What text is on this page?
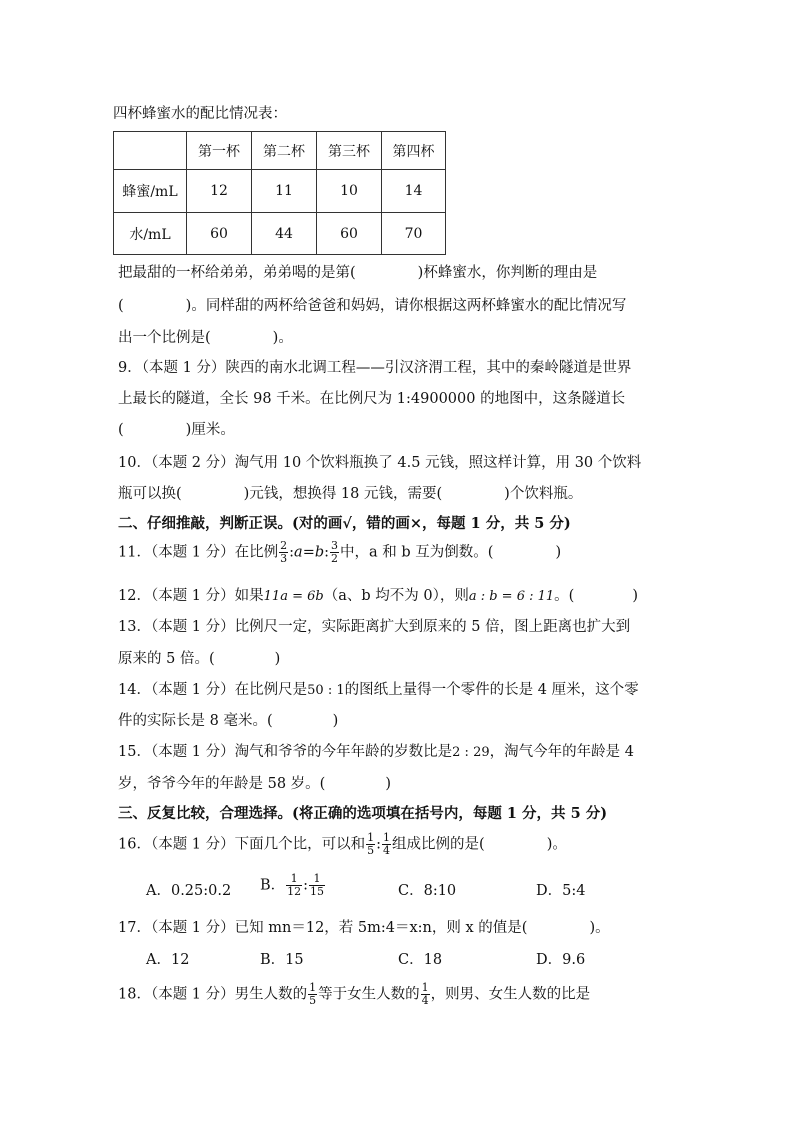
四杯蜂蜜水的配比情况表：
	第一杯	第二杯	第三杯	第四杯
蜂蜜/mL	12	11	10	14
水/mL	60	44	60	70
把最甜的一杯给弟弟，弟弟喝的是第(	)杯蜂蜜水，你判断的理由是
(	)。同样甜的两杯给爸爸和妈妈，请你根据这两杯蜂蜜水的配比情况写
出一个比例是(	)。
9．（本题 1 分）陕西的南水北调工程——引汉济渭工程，其中的秦岭隧道是世界
上最长的隧道，全长 98 千米。在比例尺为 1:4900000 的地图中，这条隧道长
(	)厘米。
10．（本题 2 分）淘气用 10 个饮料瓶换了 4.5 元钱，照这样计算，用 30 个饮料
瓶可以换(	)元钱，想换得 18 元钱，需要(	)个饮料瓶。
二、仔细推敲，判断正误。(对的画√，错的画×，每题 1 分，共 5 分)
11．（本题 1 分）在比例 $\frac{2}{3}$ :a=b: $\frac{3}{2}$ 中，a 和 b 互为倒数。(	)
12．（本题 1 分）如果11a = 6b（a、b 均不为 0），则a : b = 6 : 11。(	)
13．（本题 1 分）比例尺一定，实际距离扩大到原来的 5 倍，图上距离也扩大到
原来的 5 倍。(	)
14．（本题 1 分）在比例尺是50 : 1的图纸上量得一个零件的长是 4 厘米，这个零
件的实际长是 8 毫米。(	)
15．（本题 1 分）淘气和爷爷的今年年龄的岁数比是2 : 29，淘气今年的年龄是 4
岁，爷爷今年的年龄是 58 岁。(	)
三、反复比较，合理选择。(将正确的选项填在括号内，每题 1 分，共 5 分)
16．（本题 1 分）下面几个比，可以和 $\frac{1}{5}$ : $\frac{1}{4}$ 组成比例的是(	)。
A．0.25:0.2 B． $\frac{1}{12}$ : $\frac{1}{15}$	C．8:10	D．5:4
17．（本题 1 分）已知 mn＝12，若 5m:4＝x:n，则 x 的值是(	)。
A．12	B．15	C．18	D．9.6
18．（本题 1 分）男生人数的 $\frac{1}{5}$ 等于女生人数的 $\frac{1}{4}$ ，则男、女生人数的比是
